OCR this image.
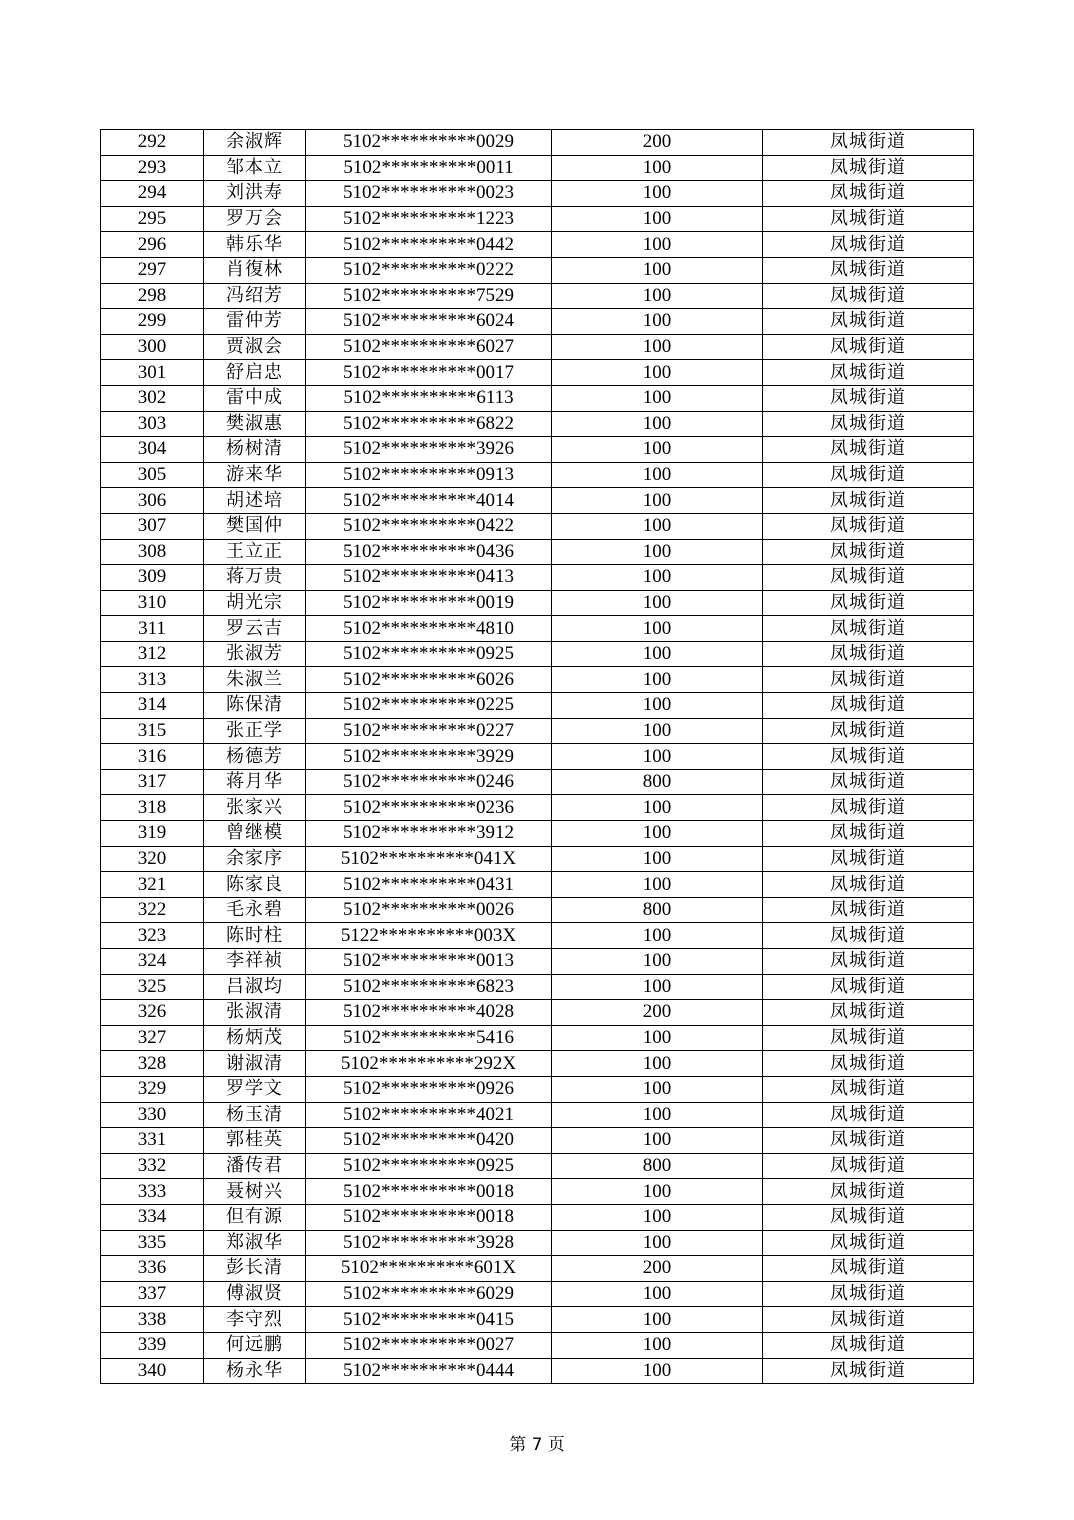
292	余淑辉	5102**********0029	200	凤城街道
293	邹本立	5102**********0011	100	凤城街道
294	刘洪寿	5102**********0023	100	凤城街道
295	罗万会	5102**********1223	100	凤城街道
296	韩乐华	5102**********0442	100	凤城街道
297	肖復林	5102**********0222	100	凤城街道
298	冯绍芳	5102**********7529	100	凤城街道
299	雷仲芳	5102**********6024	100	凤城街道
300	贾淑会	5102**********6027	100	凤城街道
301	舒启忠	5102**********0017	100	凤城街道
302	雷中成	5102**********6113	100	凤城街道
303	樊淑惠	5102**********6822	100	凤城街道
304	杨树清	5102**********3926	100	凤城街道
305	游来华	5102**********0913	100	凤城街道
306	胡述培	5102**********4014	100	凤城街道
307	樊国仲	5102**********0422	100	凤城街道
308	王立正	5102**********0436	100	凤城街道
309	蒋万贵	5102**********0413	100	凤城街道
310	胡光宗	5102**********0019	100	凤城街道
311	罗云吉	5102**********4810	100	凤城街道
312	张淑芳	5102**********0925	100	凤城街道
313	朱淑兰	5102**********6026	100	凤城街道
314	陈保清	5102**********0225	100	凤城街道
315	张正学	5102**********0227	100	凤城街道
316	杨德芳	5102**********3929	100	凤城街道
317	蒋月华	5102**********0246	800	凤城街道
318	张家兴	5102**********0236	100	凤城街道
319	曾继模	5102**********3912	100	凤城街道
320	余家序	5102**********041X	100	凤城街道
321	陈家良	5102**********0431	100	凤城街道
322	毛永碧	5102**********0026	800	凤城街道
323	陈时柱	5122**********003X	100	凤城街道
324	李祥祯	5102**********0013	100	凤城街道
325	吕淑均	5102**********6823	100	凤城街道
326	张淑清	5102**********4028	200	凤城街道
327	杨炳茂	5102**********5416	100	凤城街道
328	谢淑清	5102**********292X	100	凤城街道
329	罗学文	5102**********0926	100	凤城街道
330	杨玉清	5102**********4021	100	凤城街道
331	郭桂英	5102**********0420	100	凤城街道
332	潘传君	5102**********0925	800	凤城街道
333	聂树兴	5102**********0018	100	凤城街道
334	但有源	5102**********0018	100	凤城街道
335	郑淑华	5102**********3928	100	凤城街道
336	彭长清	5102**********601X	200	凤城街道
337	傅淑贤	5102**********6029	100	凤城街道
338	李守烈	5102**********0415	100	凤城街道
339	何远鹏	5102**********0027	100	凤城街道
340	杨永华	5102**********0444	100	凤城街道
第 7 页
